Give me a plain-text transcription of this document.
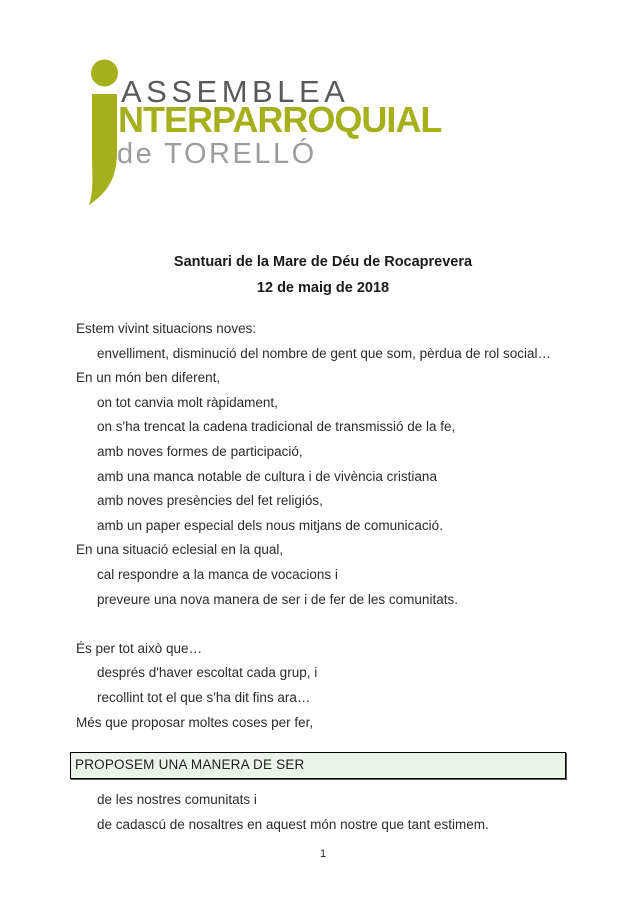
ASSEMBLEA
NTERPARROQUIAL
de TORELLÓ
Santuari de la Mare de Déu de Rocaprevera
12 de maig de 2018
Estem vivint situacions noves:
envelliment, disminució del nombre de gent que som, pèrdua de rol social…
En un món ben diferent,
on tot canvia molt ràpidament,
on s'ha trencat la cadena tradicional de transmissió de la fe,
amb noves formes de participació,
amb una manca notable de cultura i de vivència cristiana
amb noves presències del fet religiós,
amb un paper especial dels nous mitjans de comunicació.
En una situació eclesial en la qual,
cal respondre a la manca de vocacions i
preveure una nova manera de ser i de fer de les comunitats.
És per tot això que…
després d'haver escoltat cada grup, i
recollint tot el que s'ha dit fins ara…
Més que proposar moltes coses per fer,
PROPOSEM UNA MANERA DE SER
de les nostres comunitats i
de cadascú de nosaltres en aquest món nostre que tant estimem.
1
